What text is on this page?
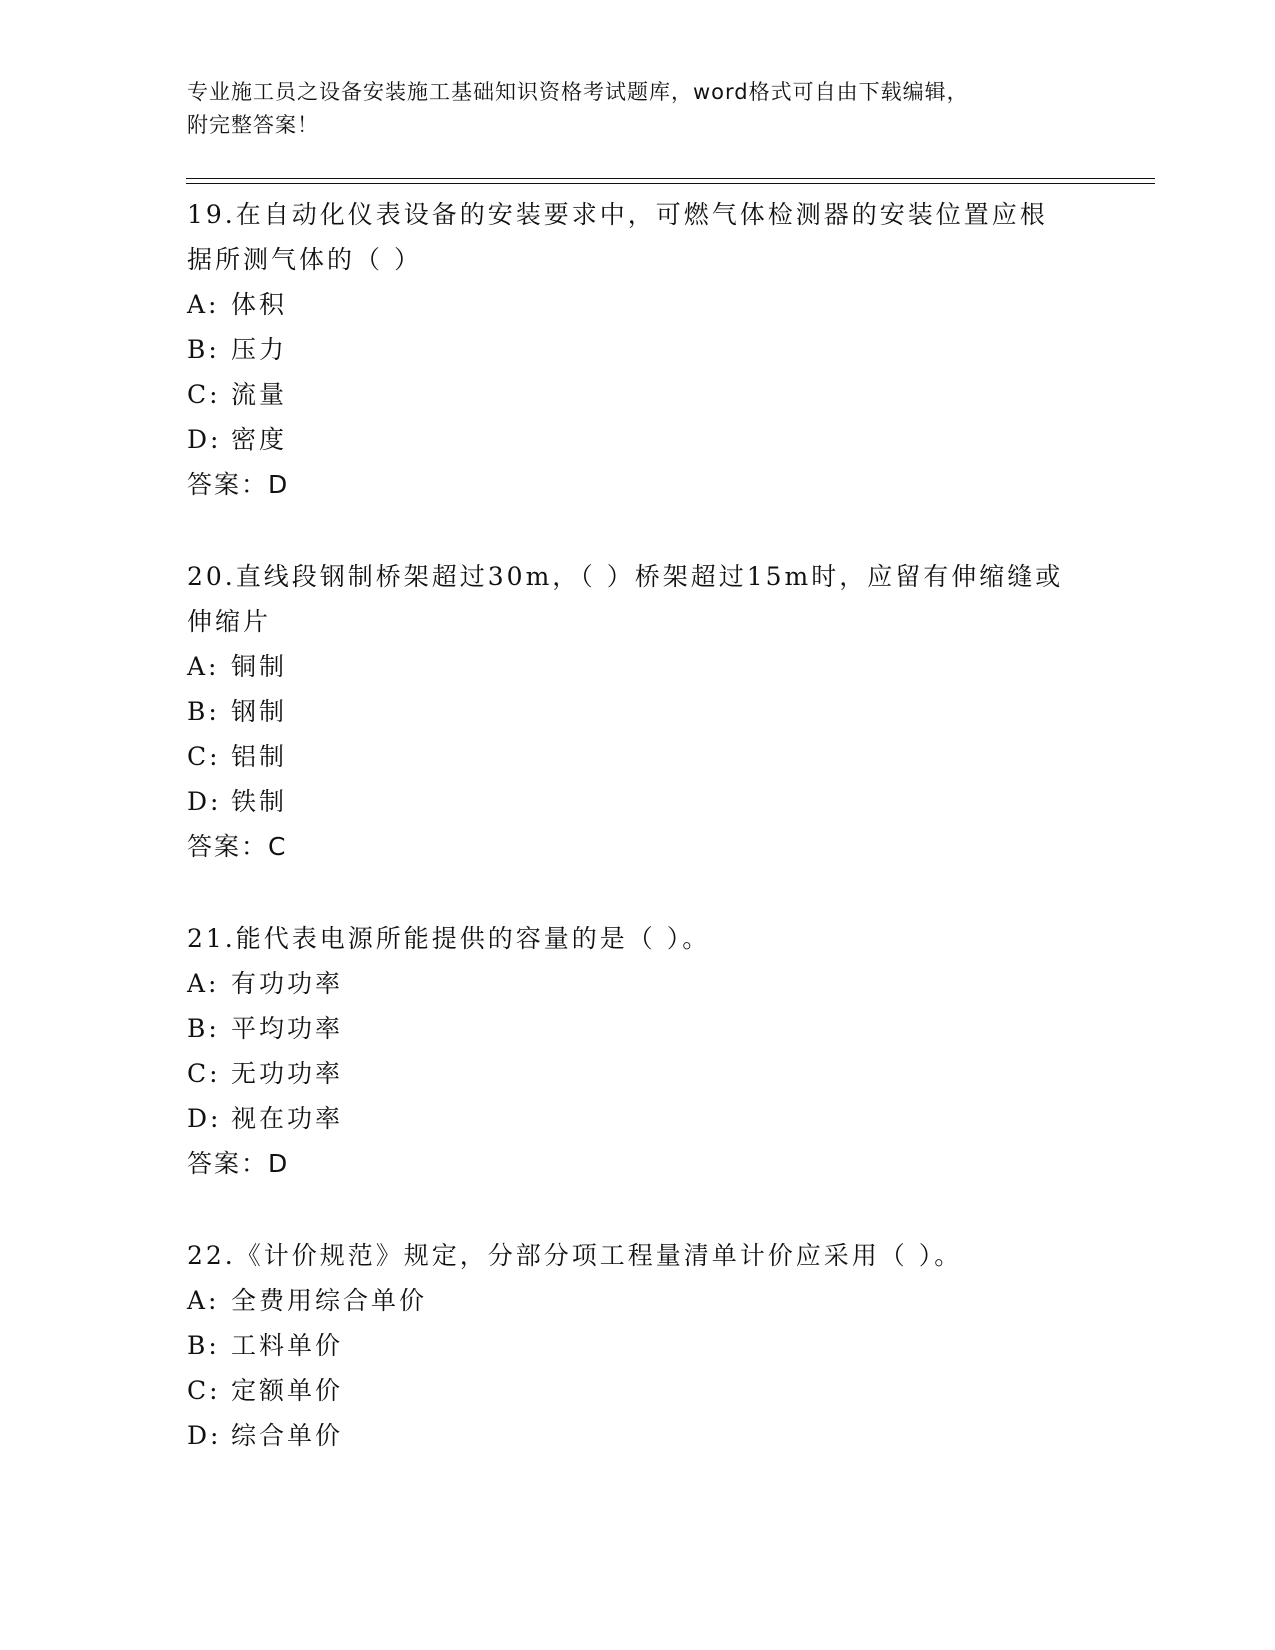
专业施工员之设备安装施工基础知识资格考试题库，word格式可自由下载编辑，
附完整答案！

19.在自动化仪表设备的安装要求中，可燃气体检测器的安装位置应根

据所测气体的（ ）

A: 体积

B: 压力

C: 流量

D: 密度

答案：D

20.直线段钢制桥架超过30m，（ ）桥架超过15m时，应留有伸缩缝或

伸缩片

A: 铜制

B: 钢制

C: 铝制

D: 铁制

答案：C

21.能代表电源所能提供的容量的是（ ）。

A: 有功功率

B: 平均功率

C: 无功功率

D: 视在功率

答案：D

22.《计价规范》规定，分部分项工程量清单计价应采用（ ）。

A: 全费用综合单价

B: 工料单价

C: 定额单价

D: 综合单价
